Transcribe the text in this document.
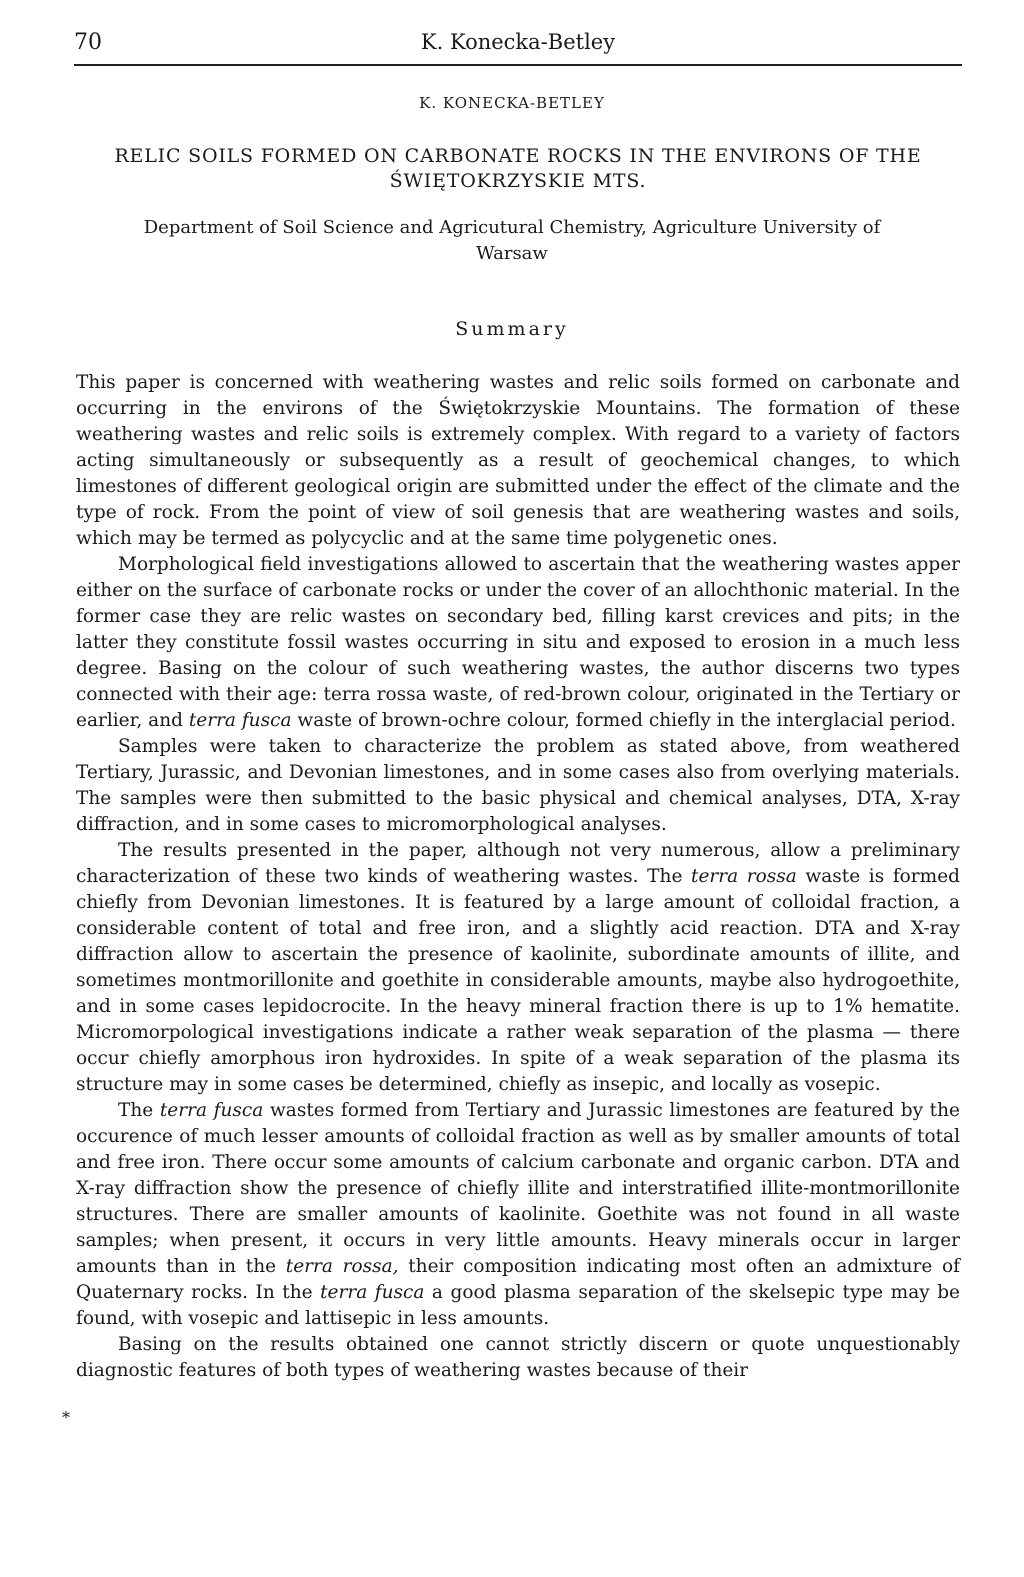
70	K. Konecka-Betley
K. KONECKA-BETLEY
RELIC SOILS FORMED ON CARBONATE ROCKS IN THE ENVIRONS OF THE ŚWIĘTOKRZYSKIE MTS.
Department of Soil Science and Agricutural Chemistry, Agriculture University of Warsaw
Summary

This paper is concerned with weathering wastes and relic soils formed on carbonate and occurring in the environs of the Świętokrzyskie Mountains. The formation of these weathering wastes and relic soils is extremely complex. With regard to a variety of factors acting simultaneously or subsequently as a result of geochemical changes, to which limestones of different geological origin are submitted under the effect of the climate and the type of rock. From the point of view of soil genesis that are weathering wastes and soils, which may be termed as polycyclic and at the same time polygenetic ones.

Morphological field investigations allowed to ascertain that the weathering wastes apper either on the surface of carbonate rocks or under the cover of an allochthonic material. In the former case they are relic wastes on secondary bed, filling karst crevices and pits; in the latter they constitute fossil wastes occurring in situ and exposed to erosion in a much less degree. Basing on the colour of such weathering wastes, the author discerns two types connected with their age: terra rossa waste, of red-brown colour, originated in the Tertiary or earlier, and terra fusca waste of brown-ochre colour, formed chiefly in the interglacial period.

Samples were taken to characterize the problem as stated above, from weathered Tertiary, Jurassic, and Devonian limestones, and in some cases also from overlying materials. The samples were then submitted to the basic physical and chemical analyses, DTA, X-ray diffraction, and in some cases to micromorphological analyses.

The results presented in the paper, although not very numerous, allow a preliminary characterization of these two kinds of weathering wastes. The terra rossa waste is formed chiefly from Devonian limestones. It is featured by a large amount of colloidal fraction, a considerable content of total and free iron, and a slightly acid reaction. DTA and X-ray diffraction allow to ascertain the presence of kaolinite, subordinate amounts of illite, and sometimes montmorillonite and goethite in considerable amounts, maybe also hydrogoethite, and in some cases lepidocrocite. In the heavy mineral fraction there is up to 1% hematite. Micromorpological investigations indicate a rather weak separation of the plasma — there occur chiefly amorphous iron hydroxides. In spite of a weak separation of the plasma its structure may in some cases be determined, chiefly as insepic, and locally as vosepic.

The terra fusca wastes formed from Tertiary and Jurassic limestones are featured by the occurence of much lesser amounts of colloidal fraction as well as by smaller amounts of total and free iron. There occur some amounts of calcium carbonate and organic carbon. DTA and X-ray diffraction show the presence of chiefly illite and interstratified illite-montmorillonite structures. There are smaller amounts of kaolinite. Goethite was not found in all waste samples; when present, it occurs in very little amounts. Heavy minerals occur in larger amounts than in the terra rossa, their composition indicating most often an admixture of Quaternary rocks. In the terra fusca a good plasma separation of the skelsepic type may be found, with vosepic and lattisepic in less amounts.

Basing on the results obtained one cannot strictly discern or quote unquestionably diagnostic features of both types of weathering wastes because of their

*
